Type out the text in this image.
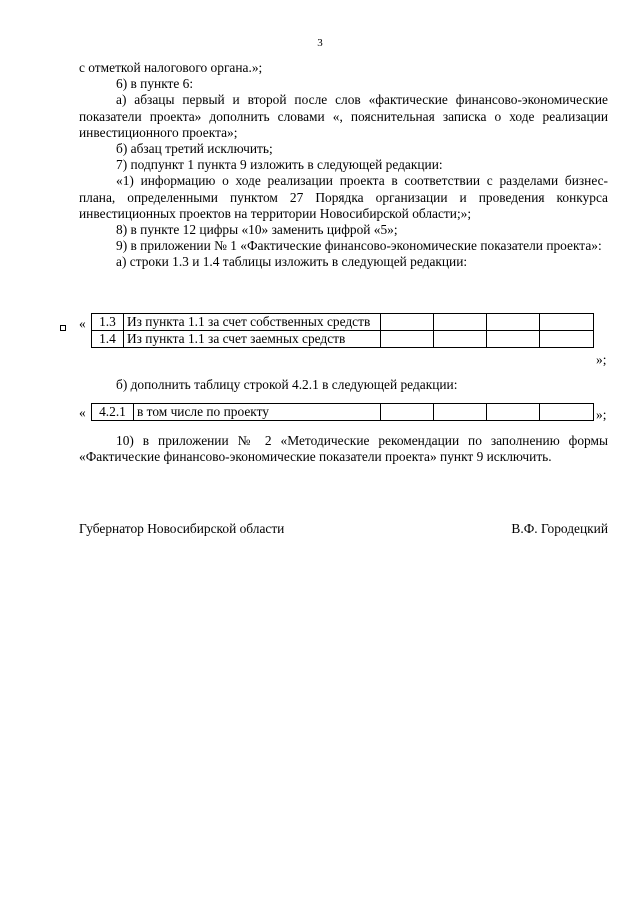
3

с отметкой налогового органа.»;

6) в пункте 6:

а) абзацы первый и второй после слов «фактические финансово-экономические показатели проекта» дополнить словами «, пояснительная записка о ходе реализации инвестиционного проекта»;

б) абзац третий исключить;

7) подпункт 1 пункта 9 изложить в следующей редакции:

«1) информацию о ходе реализации проекта в соответствии с разделами бизнес-плана, определенными пунктом 27 Порядка организации и проведения конкурса инвестиционных проектов на территории Новосибирской области;»;

8) в пункте 12 цифры «10» заменить цифрой «5»;

9) в приложении № 1 «Фактические финансово-экономические показатели проекта»:

а) строки 1.3 и 1.4 таблицы изложить в следующей редакции:

« 1.3	Из пункта 1.1 за счет собственных средств				
1.4	Из пункта 1.1 за счет заемных средств				
»;

б) дополнить таблицу строкой 4.2.1 в следующей редакции:

« 4.2.1	в том числе по проекту					»;

10) в приложении № 2 «Методические рекомендации по заполнению формы «Фактические финансово-экономические показатели проекта» пункт 9 исключить.

Губернатор Новосибирской области	В.Ф. Городецкий
